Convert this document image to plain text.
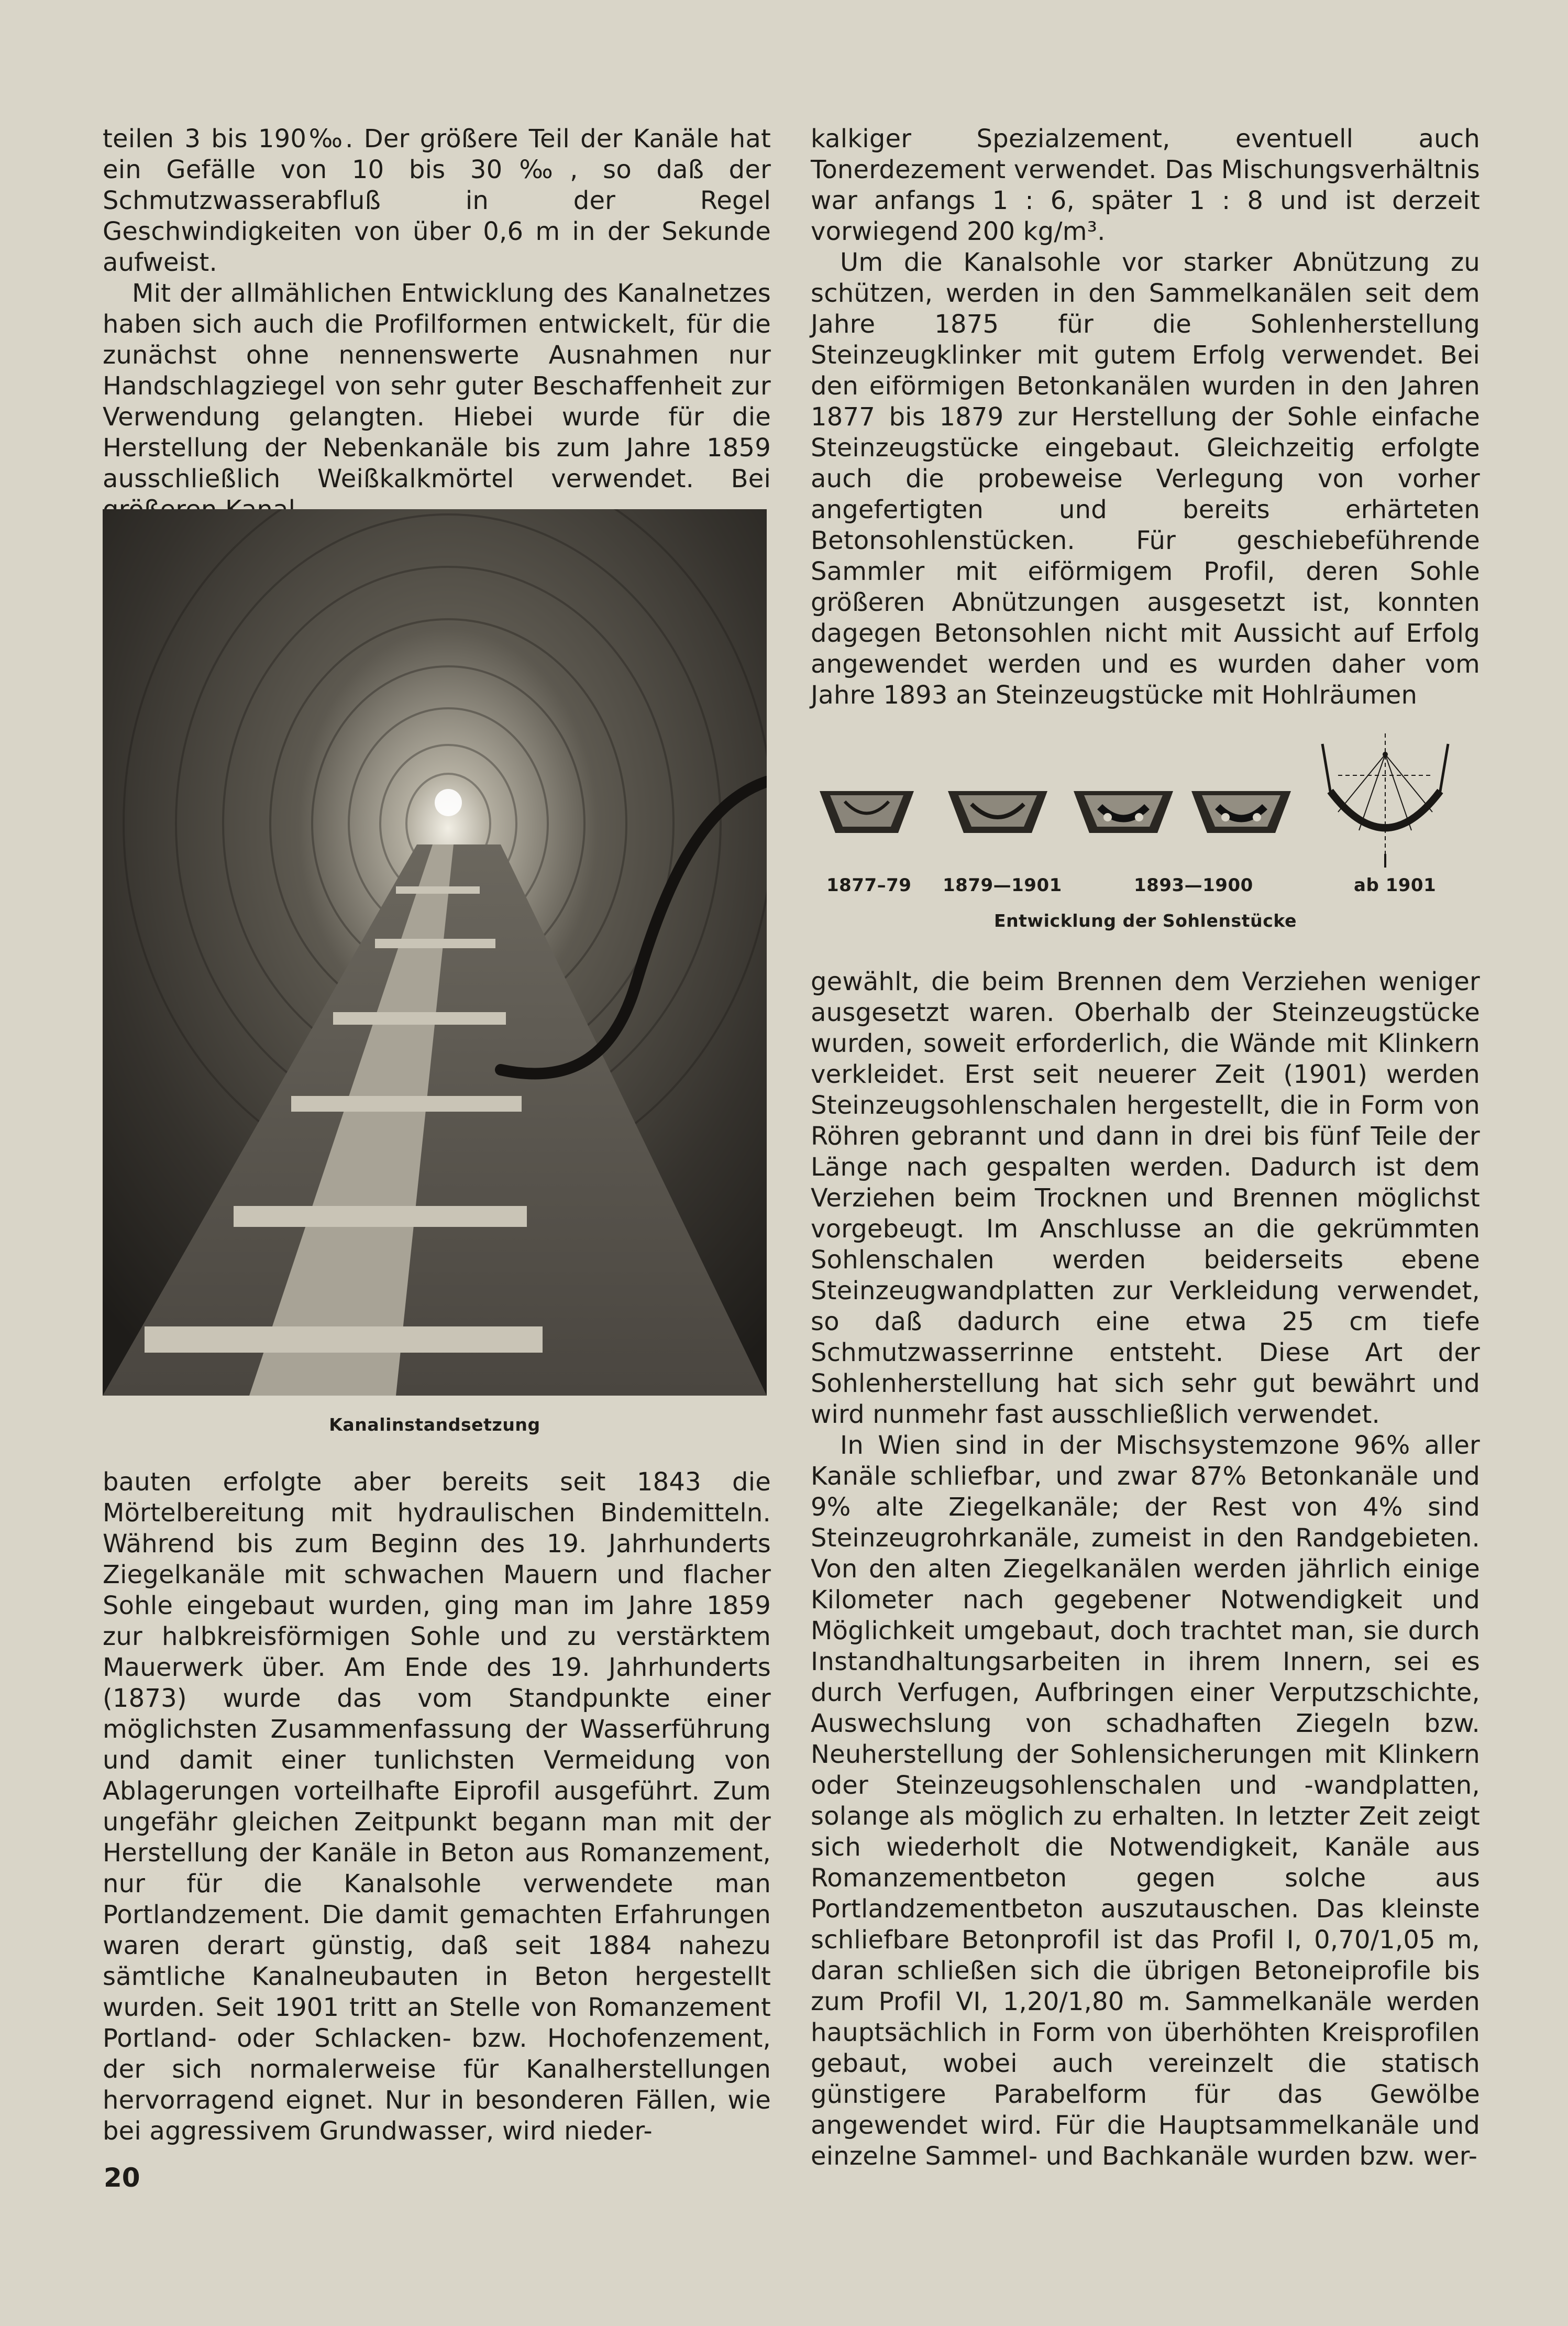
teilen 3 bis 190‰. Der größere Teil der Kanäle hat ein Gefälle von 10 bis 30‰, so daß der Schmutzwasserabfluß in der Regel Geschwindigkeiten von über 0,6 m in der Sekunde aufweist.

Mit der allmählichen Entwicklung des Kanalnetzes haben sich auch die Profilformen entwickelt, für die zunächst ohne nennenswerte Ausnahmen nur Handschlagziegel von sehr guter Beschaffenheit zur Verwendung gelangten. Hiebei wurde für die Herstellung der Nebenkanäle bis zum Jahre 1859 ausschließlich Weißkalkmörtel verwendet. Bei

Kanalinstandsetzung

bauten erfolgte aber bereits seit 1843 die Mörtelbereitung mit hydraulischen Bindemitteln. Während bis zum Beginn des 19. Jahrhunderts Ziegelkanäle mit schwachen Mauern und flacher Sohle eingebaut wurden, ging man im Jahre 1859 zur halbkreisförmigen Sohle und zu verstärktem Mauerwerk über. Am Ende des 19. Jahrhunderts (1873) wurde das vom Standpunkte einer möglichsten Zusammenfassung der Wasserführung und damit einer tunlichsten Vermeidung von Ablagerungen vorteilhafte Eiprofil ausgeführt. Zum ungefähr gleichen Zeitpunkt begann man mit der Herstellung der Kanäle in Beton aus Romanzement, nur für die Kanalsohle verwendete man Portlandzement. Die damit gemachten Erfahrungen waren derart günstig, daß seit 1884 nahezu sämtliche Kanalneubauten in Beton hergestellt wurden. Seit 1901 tritt an Stelle von Romanzement Portland- oder Schlacken- bzw. Hochofenzement, der sich normalerweise für Kanalherstellungen hervorragend eignet. Nur in besonderen Fällen, wie bei aggressivem Grundwasser, wird nieder-

kalkiger Spezialzement, eventuell auch Tonerdezement verwendet. Das Mischungsverhältnis war anfangs 1 : 6, später 1 : 8 und ist derzeit vorwiegend 200 kg/m³.

Um die Kanalsohle vor starker Abnützung zu schützen, werden in den Sammelkanälen seit dem Jahre 1875 für die Sohlenherstellung Steinzeugklinker mit gutem Erfolg verwendet. Bei den eiförmigen Betonkanälen wurden in den Jahren 1877 bis 1879 zur Herstellung der Sohle einfache Steinzeugstücke eingebaut. Gleichzeitig erfolgte auch die probeweise Verlegung von vorher angefertigten und bereits erhärteten Betonsohlenstücken. Für geschiebeführende Sammler mit eiförmigem Profil, deren Sohle größeren Abnützungen ausgesetzt ist, konnten dagegen Betonsohlen nicht mit Aussicht auf Erfolg angewendet werden und es wurden daher vom Jahre 1893 an Steinzeugstücke mit Hohlräumen

1877–79 1879—1901	1893—1900	ab 1901
Entwicklung der Sohlenstücke

gewählt, die beim Brennen dem Verziehen weniger ausgesetzt waren. Oberhalb der Steinzeugstücke wurden, soweit erforderlich, die Wände mit Klinkern verkleidet. Erst seit neuerer Zeit (1901) werden Steinzeugsohlenschalen hergestellt, die in Form von Röhren gebrannt und dann in drei bis fünf Teile der Länge nach gespalten werden. Dadurch ist dem Verziehen beim Trocknen und Brennen möglichst vorgebeugt. Im Anschlusse an die gekrümmten Sohlenschalen werden beiderseits ebene Steinzeugwandplatten zur Verkleidung verwendet, so daß dadurch eine etwa 25 cm tiefe Schmutzwasserrinne entsteht. Diese Art der Sohlenherstellung hat sich sehr gut bewährt und wird nunmehr fast ausschließlich verwendet.

In Wien sind in der Mischsystemzone 96% aller Kanäle schliefbar, und zwar 87% Betonkanäle und 9% alte Ziegelkanäle; der Rest von 4% sind Steinzeugrohrkanäle, zumeist in den Randgebieten. Von den alten Ziegelkanälen werden jährlich einige Kilometer nach gegebener Notwendigkeit und Möglichkeit umgebaut, doch trachtet man, sie durch Instandhaltungsarbeiten in ihrem Innern, sei es durch Verfugen, Aufbringen einer Verputzschichte, Auswechslung von schadhaften Ziegeln bzw. Neuherstellung der Sohlensicherungen mit Klinkern oder Steinzeugsohlenschalen und -wandplatten, solange als möglich zu erhalten. In letzter Zeit zeigt sich wiederholt die Notwendigkeit, Kanäle aus Romanzementbeton gegen solche aus Portlandzementbeton auszutauschen. Das kleinste schliefbare Betonprofil ist das Profil I, 0,70/1,05 m, daran schließen sich die übrigen Betoneiprofile bis zum Profil VI, 1,20/1,80 m. Sammelkanäle werden hauptsächlich in Form von überhöhten Kreisprofilen gebaut, wobei auch vereinzelt die statisch günstigere Parabelform für das Gewölbe angewendet wird. Für die Hauptsammelkanäle und einzelne Sammel- und Bachkanäle wurden bzw. wer-

20
